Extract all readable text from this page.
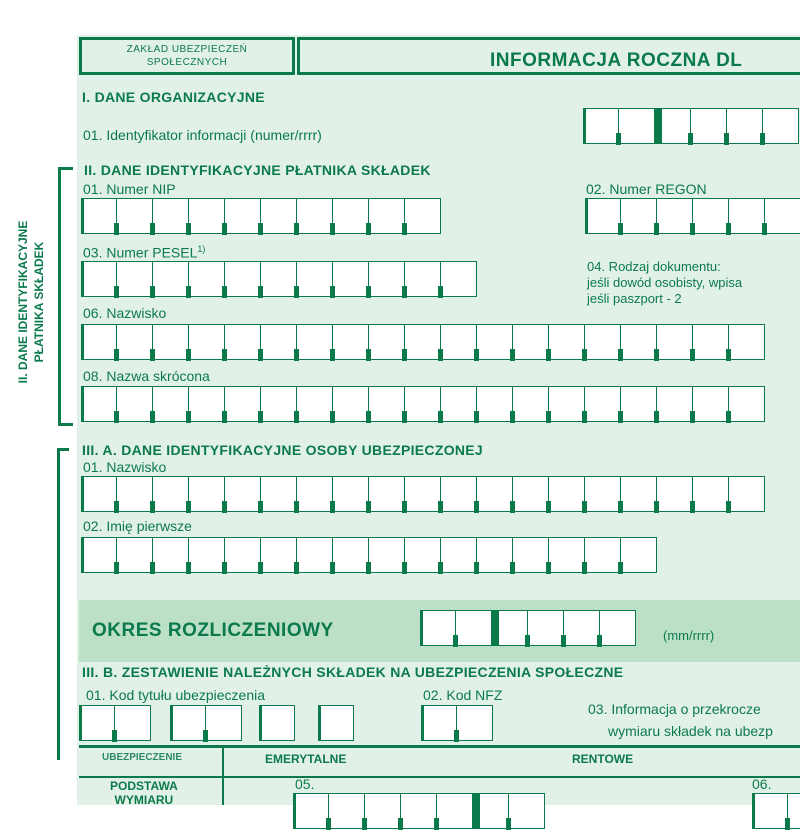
ZAKŁAD UBEZPIECZEŃ
SPOŁECZNYCH	INFORMACJA ROCZNA DL
I. DANE ORGANIZACYJNE
01. Identyfikator informacji (numer/rrrr)
II. DANE IDENTYFIKACYJNE PŁATNIKA SKŁADEK
II. DANE IDENTYFIKACYJNE PŁATNIKA SKŁADEK
01. Numer NIP	02. Numer REGON
03. Numer PESEL$^{1)}$
04. Rodzaj dokumentu:
jeśli dowód osobisty, wpisa
jeśli paszport - 2
06. Nazwisko
08. Nazwa skrócona
III. A. DANE IDENTYFIKACYJNE OSOBY UBEZPIECZONEJ
01. Nazwisko
02. Imię pierwsze
OKRES ROZLICZENIOWY	(mm/rrrr)
III. B. ZESTAWIENIE NALEŻNYCH SKŁADEK NA UBEZPIECZENIA SPOŁECZNE
01. Kod tytułu ubezpieczenia	02. Kod NFZ
03. Informacja o przekrocze
wymiaru składek na ubezp
UBEZPIECZENIE	EMERYTALNE	RENTOWE
PODSTAWA
WYMIARU
05.	06.
